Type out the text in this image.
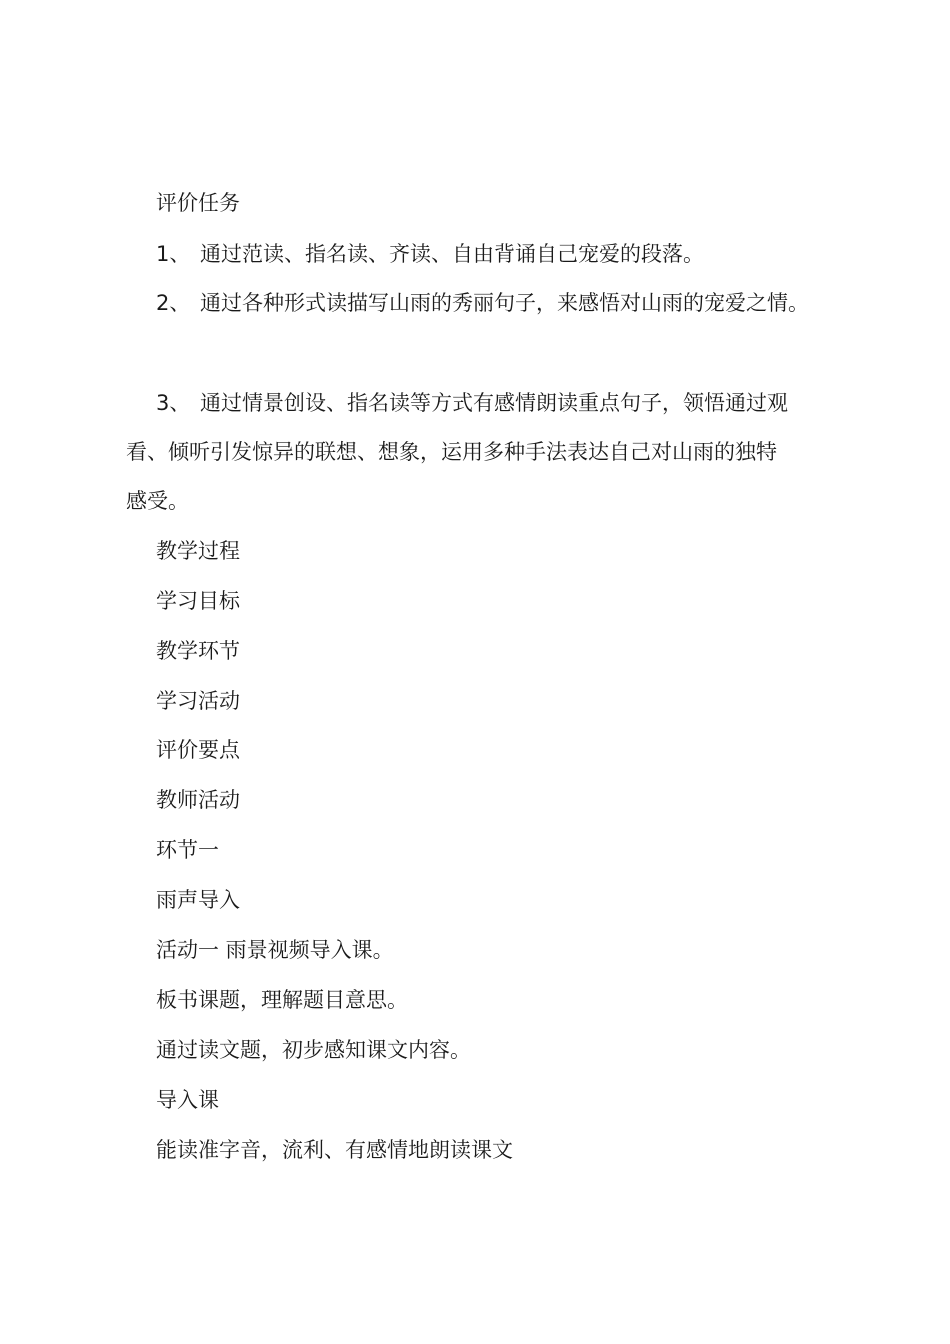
评价任务

1、 通过范读、指名读、齐读、自由背诵自己宠爱的段落。

2、 通过各种形式读描写山雨的秀丽句子，来感悟对山雨的宠爱之情。

3、 通过情景创设、指名读等方式有感情朗读重点句子，领悟通过观

看、倾听引发惊异的联想、想象，运用多种手法表达自己对山雨的独特

感受。

教学过程

学习目标

教学环节

学习活动

评价要点

教师活动

环节一

雨声导入

活动一 雨景视频导入课。

板书课题，理解题目意思。

通过读文题，初步感知课文内容。

导入课

能读准字音，流利、有感情地朗读课文
